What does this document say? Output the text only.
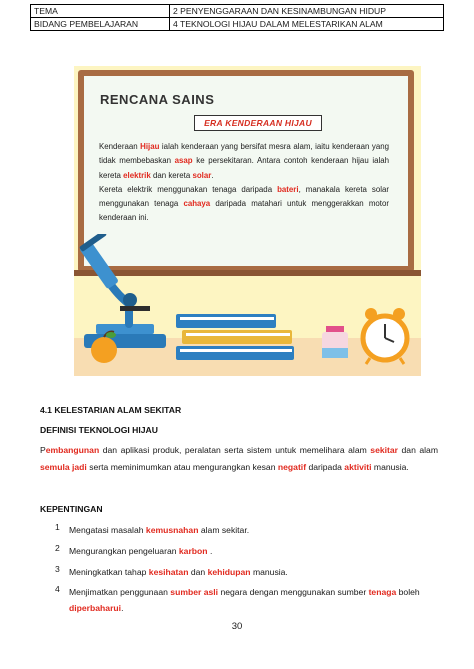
TEMA	2 PENYENGGARAAN DAN KESINAMBUNGAN HIDUP
BIDANG PEMBELAJARAN	4 TEKNOLOGI HIJAU DALAM MELESTARIKAN ALAM
RENCANA SAINS
ERA KENDERAAN HIJAU

Kenderaan Hijau ialah kenderaan yang bersifat mesra alam, iaitu kenderaan yang tidak membebaskan asap ke persekitaran. Antara contoh kenderaan hijau ialah kereta elektrik dan kereta solar.

Kereta elektrik menggunakan tenaga daripada bateri, manakala kereta solar menggunakan tenaga cahaya daripada matahari untuk menggerakkan motor kenderaan ini.

4.1 KELESTARIAN ALAM SEKITAR
DEFINISI TEKNOLOGI HIJAU

Pembangunan dan aplikasi produk, peralatan serta sistem untuk memelihara alam sekitar dan alam semula jadi serta meminimumkan atau mengurangkan kesan negatif daripada aktiviti manusia.

KEPENTINGAN
1 Mengatasi masalah kemusnahan alam sekitar.
2 Mengurangkan pengeluaran karbon .
3 Meningkatkan tahap kesihatan dan kehidupan manusia.
4 Menjimatkan penggunaan sumber asli negara dengan menggunakan sumber tenaga boleh diperbaharui.
30
